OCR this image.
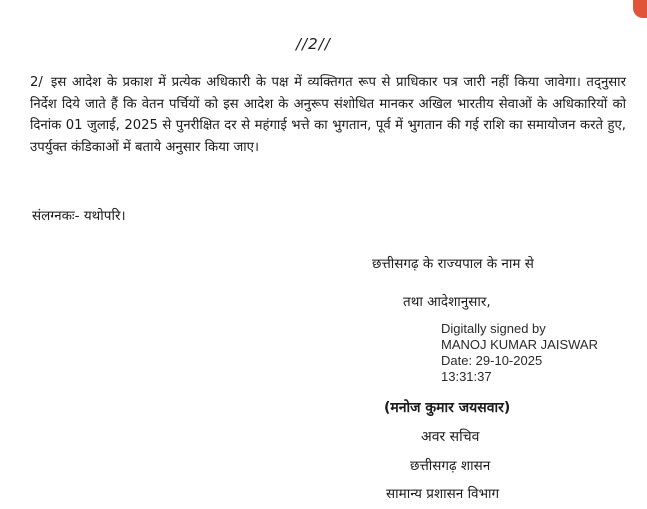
//2//

2/ इस आदेश के प्रकाश में प्रत्येक अधिकारी के पक्ष में व्यक्तिगत रूप से प्राधिकार पत्र जारी नहीं किया जावेगा। तद्नुसार निर्देश दिये जाते हैं कि वेतन पर्चियों को इस आदेश के अनुरूप संशोधित मानकर अखिल भारतीय सेवाओं के अधिकारियों को दिनांक 01 जुलाई, 2025 से पुनरीक्षित दर से महंगाई भत्ते का भुगतान, पूर्व में भुगतान की गई राशि का समायोजन करते हुए, उपर्युक्त कंडिकाओं में बताये अनुसार किया जाए।

संलग्नकः- यथोपरि।
छत्तीसगढ़ के राज्यपाल के नाम से
तथा आदेशानुसार,
Digitally signed by
MANOJ KUMAR JAISWAR
Date: 29-10-2025
13:31:37
(मनोज कुमार जयसवार)
अवर सचिव
छत्तीसगढ़ शासन
सामान्य प्रशासन विभाग
